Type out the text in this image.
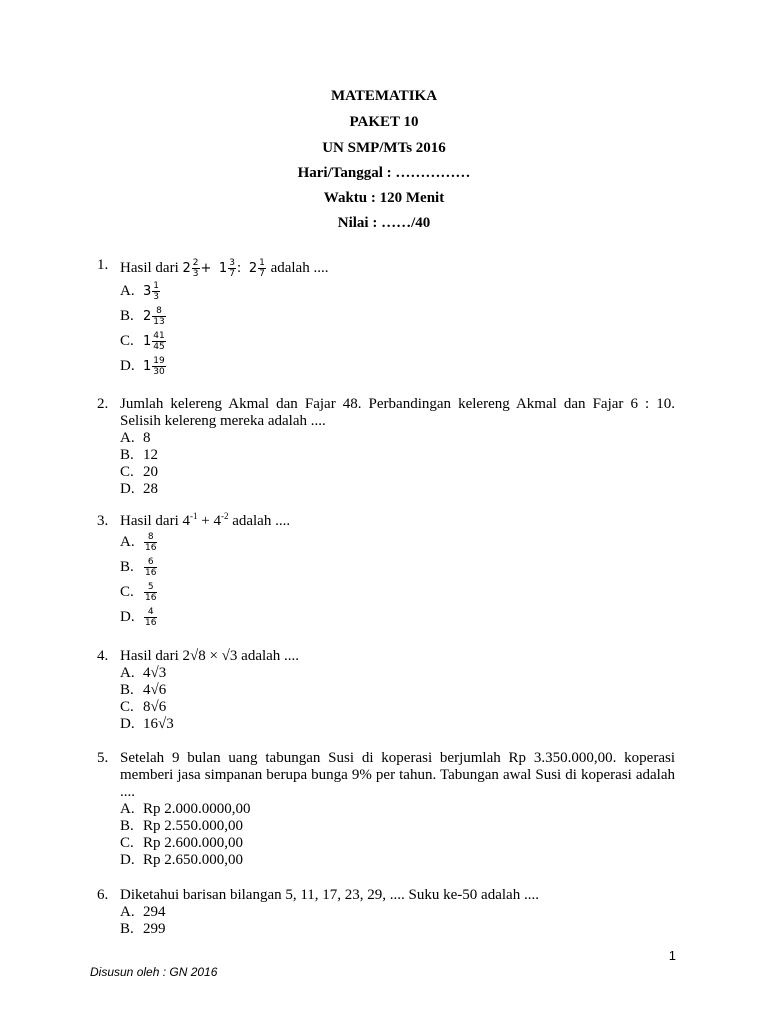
MATEMATIKA
PAKET 10
UN SMP/MTs 2016
Hari/Tanggal : ……………
Waktu : 120 Menit
Nilai : ……/40
1. Hasil dari
$2 \frac{2}{3}$ +
$1 \frac{3}{7}$ :
$2 \frac{1}{7}$
adalah ....
A. $3 \frac{1}{3}$
B. $2 \frac{8}{13}$
C. $1 \frac{41}{45}$
D. $1 \frac{19}{30}$
2. Jumlah kelereng Akmal dan Fajar 48. Perbandingan kelereng Akmal dan Fajar 6 : 10. Selisih kelereng mereka adalah ....
A. 8
B. 12
C. 20
D. 28
3. Hasil dari $4^{-1} + 4^{-2}$ adalah ....
A.	$\frac{8}{16}$
B.	$\frac{6}{16}$
C.	$\frac{5}{16}$
D.	$\frac{4}{16}$
4. Hasil dari 2√8 × √3 adalah ....
A. 4√3
B. 4√6
C. 8√6
D. 16√3
5. Setelah 9 bulan uang tabungan Susi di koperasi berjumlah Rp 3.350.000,00. koperasi memberi jasa simpanan berupa bunga 9% per tahun. Tabungan awal Susi di koperasi adalah ....
A. Rp 2.000.0000,00
B. Rp 2.550.000,00
C. Rp 2.600.000,00
D. Rp 2.650.000,00
6. Diketahui barisan bilangan 5, 11, 17, 23, 29, .... Suku ke-50 adalah ....
A. 294
B. 299
1
Disusun oleh : GN 2016
